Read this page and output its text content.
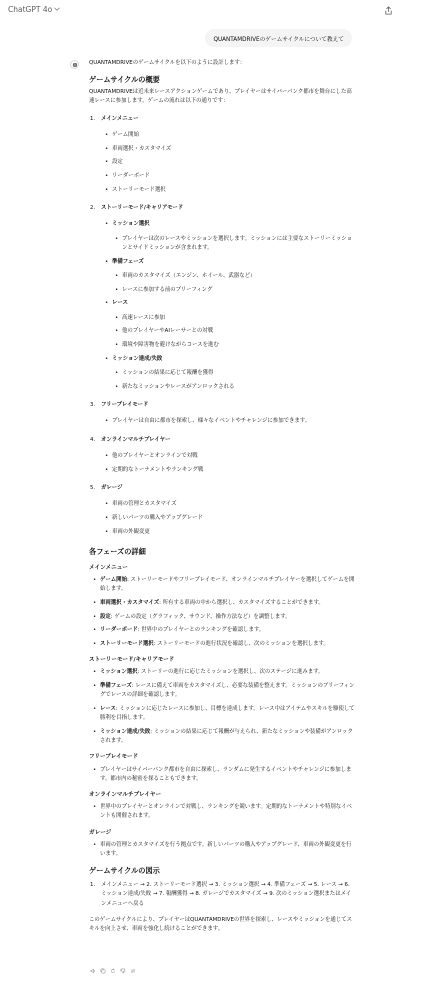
ChatGPT 4o
QUANTAMDRIVEのゲームサイクルについて教えて
QUANTAMDRIVEのゲームサイクルを以下のように設計します：
ゲームサイクルの概要
QUANTAMDRIVEは近未来レースアクションゲームであり、プレイヤーはサイバーパンク都市を舞台にした高速レースに参加します。ゲームの流れは以下の通りです：
1. メインメニュー
• ゲーム開始
• 車両選択・カスタマイズ
• 設定
• リーダーボード
• ストーリーモード選択
2. ストーリーモード/キャリアモード
• ミッション選択
• プレイヤーは次のレースやミッションを選択します。ミッションには主要なストーリーミッションとサイドミッションが含まれます。
• 準備フェーズ
• 車両のカスタマイズ（エンジン、ホイール、武器など）
• レースに参加する前のブリーフィング
• レース
• 高速レースに参加
• 他のプレイヤーやAIレーサーとの対戦
• 環境や障害物を避けながらコースを進む
• ミッション達成/失敗
• ミッションの結果に応じて報酬を獲得
• 新たなミッションやレースがアンロックされる
3. フリープレイモード
• プレイヤーは自由に都市を探索し、様々なイベントやチャレンジに参加できます。
4. オンラインマルチプレイヤー
• 他のプレイヤーとオンラインで対戦
• 定期的なトーナメントやランキング戦
5. ガレージ
• 車両の管理とカスタマイズ
• 新しいパーツの購入やアップグレード
• 車両の外観変更
各フェーズの詳細
メインメニュー
• ゲーム開始: ストーリーモードやフリープレイモード、オンラインマルチプレイヤーを選択してゲームを開始します。
• 車両選択・カスタマイズ: 所有する車両の中から選択し、カスタマイズすることができます。
• 設定: ゲームの設定（グラフィック、サウンド、操作方法など）を調整します。
• リーダーボード: 世界中のプレイヤーとのランキングを確認します。
• ストーリーモード選択: ストーリーモードの進行状況を確認し、次のミッションを選択します。
ストーリーモード/キャリアモード
• ミッション選択: ストーリーの進行に応じたミッションを選択し、次のステージに進みます。
• 準備フェーズ: レースに備えて車両をカスタマイズし、必要な装備を整えます。ミッションのブリーフィングでレースの詳細を確認します。
• レース: ミッションに応じたレースに参加し、目標を達成します。レース中はアイテムやスキルを駆使して勝利を目指します。
• ミッション達成/失敗: ミッションの結果に応じて報酬が与えられ、新たなミッションや装備がアンロックされます。
フリープレイモード
• プレイヤーはサイバーパンク都市を自由に探索し、ランダムに発生するイベントやチャレンジに参加します。都市内の秘密を探ることもできます。
オンラインマルチプレイヤー
• 世界中のプレイヤーとオンラインで対戦し、ランキングを競います。定期的なトーナメントや特別なイベントも開催されます。
ガレージ
• 車両の管理とカスタマイズを行う拠点です。新しいパーツの購入やアップグレード、車両の外観変更を行います。
ゲームサイクルの図示
1. メインメニュー → 2. ストーリーモード選択 → 3. ミッション選択 → 4. 準備フェーズ → 5. レース → 6. ミッション達成/失敗 → 7. 報酬獲得 → 8. ガレージでカスタマイズ → 9. 次のミッション選択またはメインメニューへ戻る
このゲームサイクルにより、プレイヤーはQUANTAMDRIVEの世界を探索し、レースやミッションを通じてスキルを向上させ、車両を強化し続けることができます。
